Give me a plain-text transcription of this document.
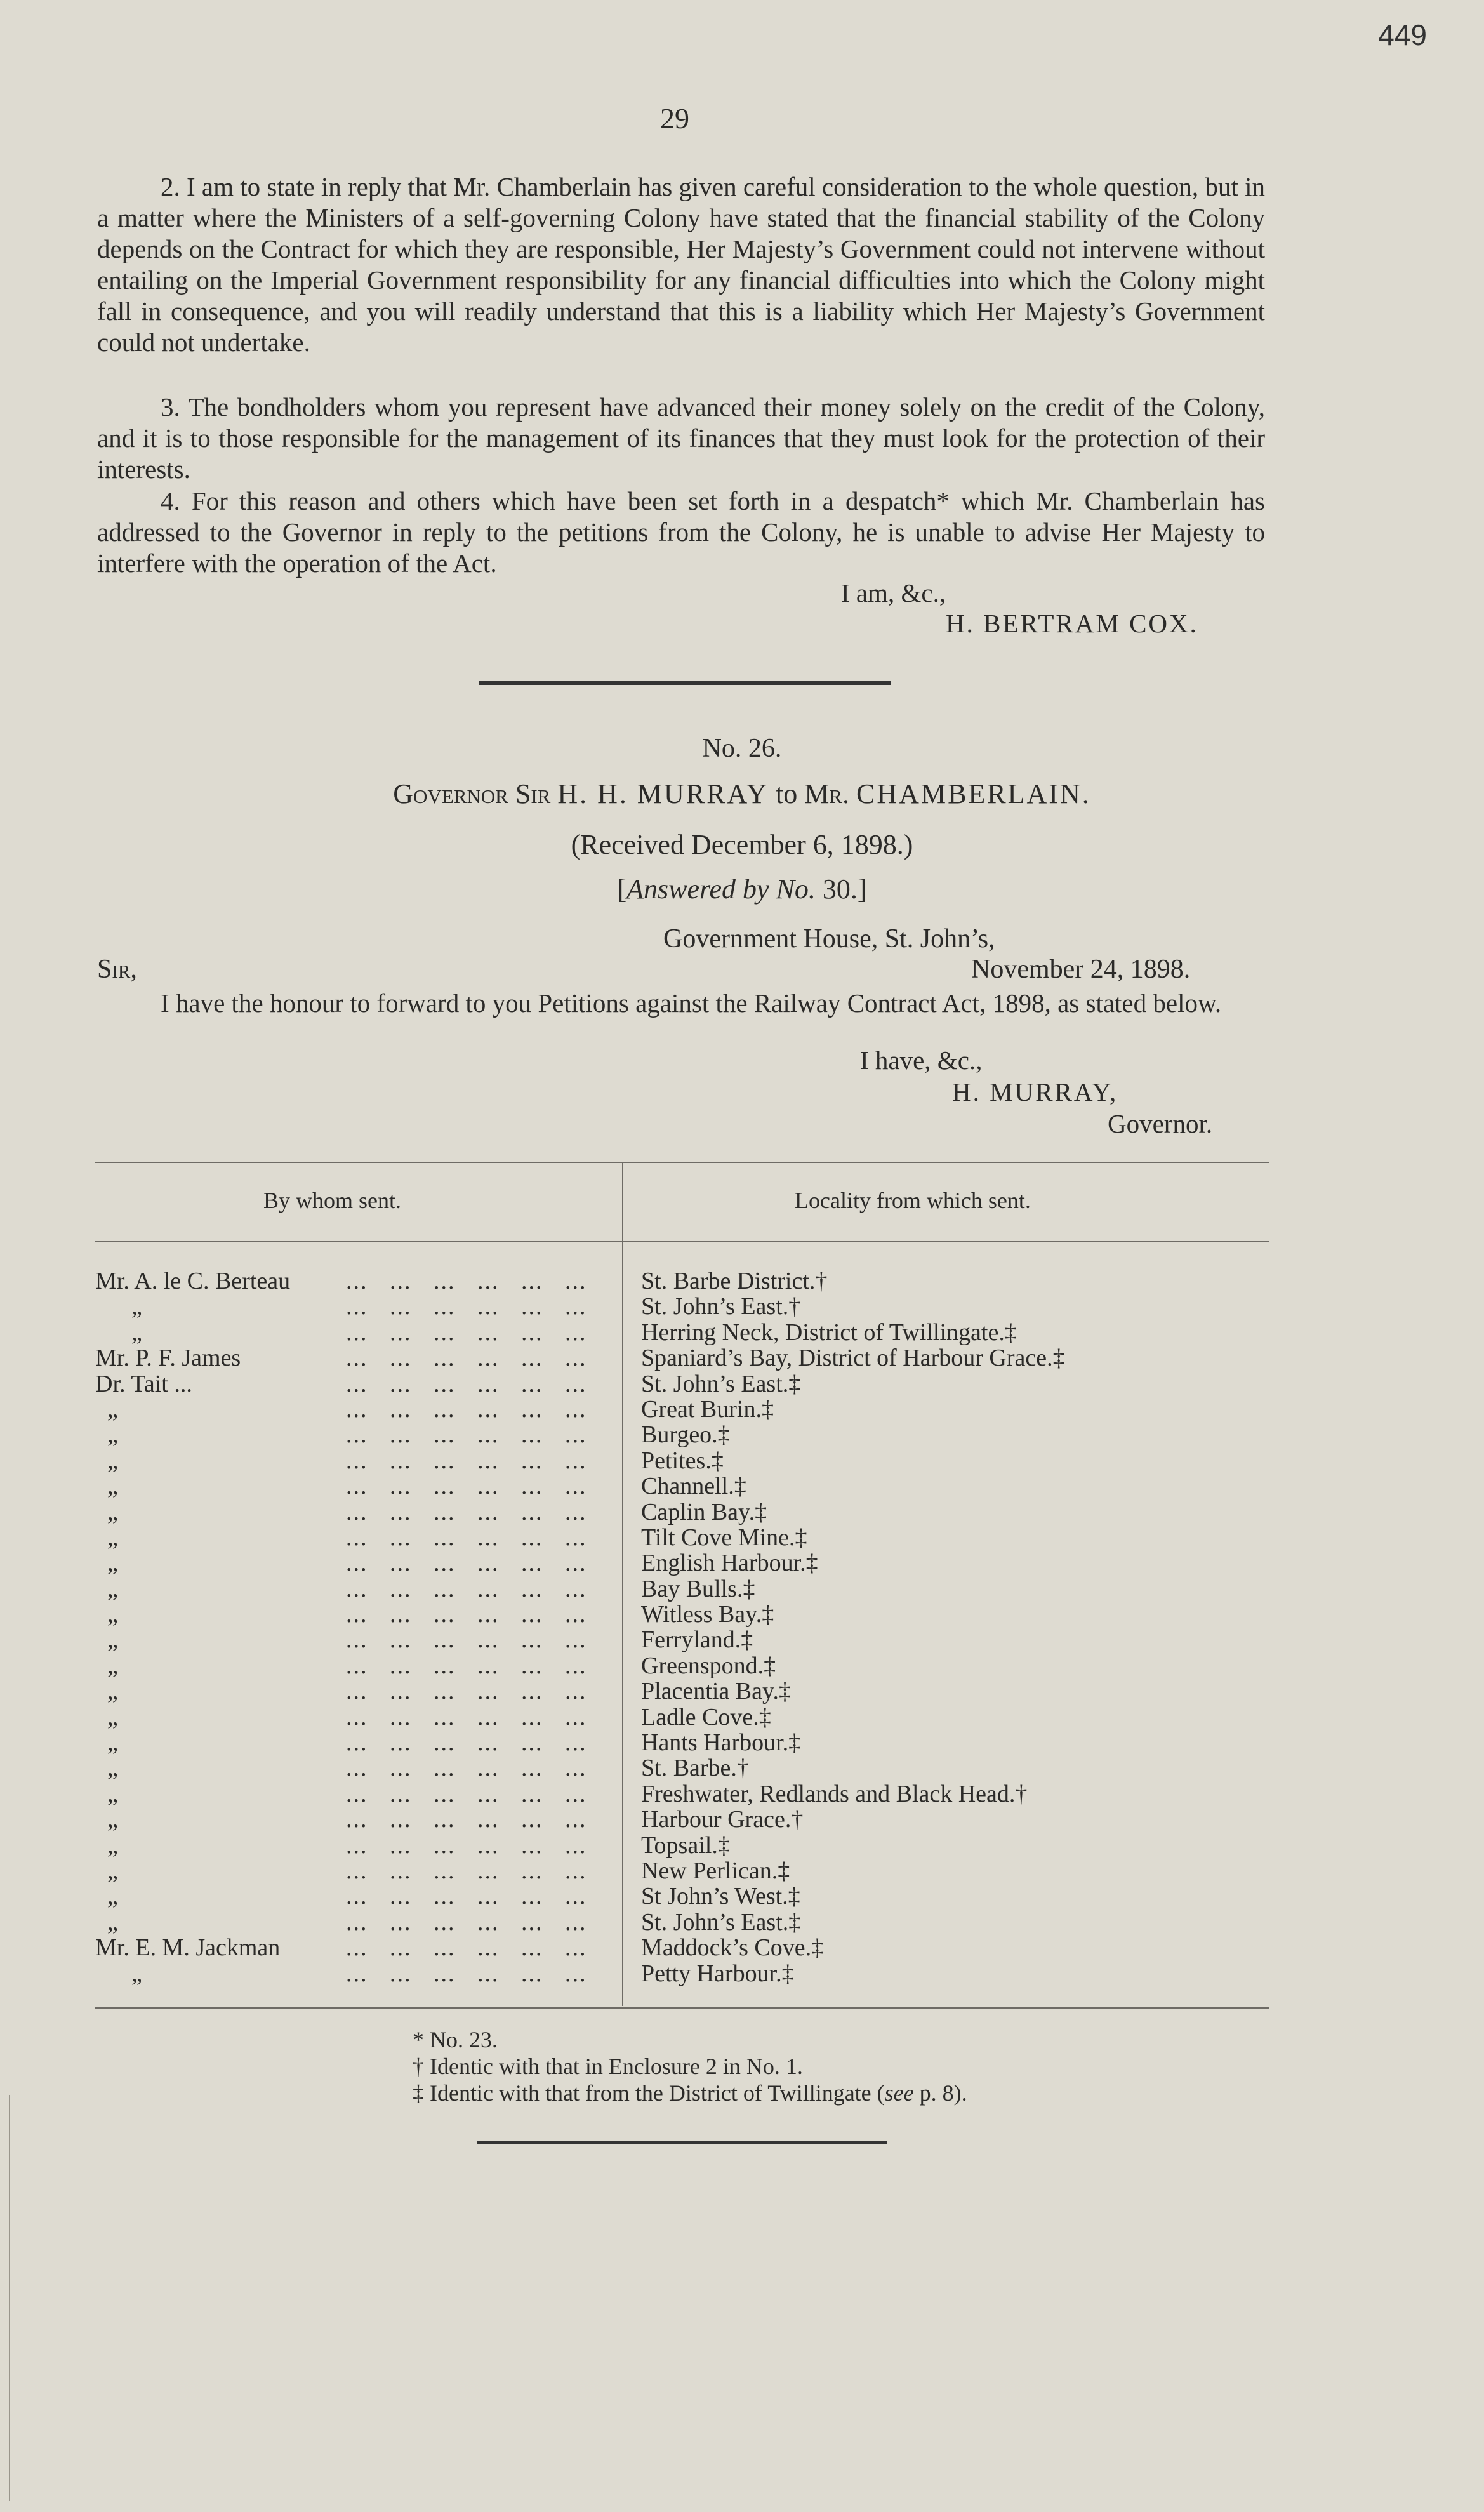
449
29
2. I am to state in reply that Mr. Chamberlain has given careful consideration to the whole question, but in a matter where the Ministers of a self-governing Colony have stated that the financial stability of the Colony depends on the Contract for which they are responsible, Her Majesty’s Government could not intervene without entailing on the Imperial Government responsibility for any financial difficulties into which the Colony might fall in consequence, and you will readily understand that this is a liability which Her Majesty’s Government could not undertake.
3. The bondholders whom you represent have advanced their money solely on the credit of the Colony, and it is to those responsible for the management of its finances that they must look for the protection of their interests.
4. For this reason and others which have been set forth in a despatch* which Mr. Chamberlain has addressed to the Governor in reply to the petitions from the Colony, he is unable to advise Her Majesty to interfere with the operation of the Act.
I am, &c.,
H. BERTRAM COX.
No. 26.
Governor Sir H. H. MURRAY to Mr. CHAMBERLAIN.
(Received December 6, 1898.)
[Answered by No. 30.]
Government House, St. John’s,
Sir,	November 24, 1898.
I have the honour to forward to you Petitions against the Railway Contract Act, 1898, as stated below.
I have, &c.,
H. MURRAY,
Governor.
By whom sent.	Locality from which sent.
Mr. A. le C. Berteau ...   ...   ...   ...   ...   ...	St. Barbe District.†
„	...   ...   ...   ...   ...   ...	St. John’s East.†
„	...   ...   ...   ...   ...   ...	Herring Neck, District of Twillingate.‡
Mr. P. F. James	...   ...   ...   ...   ...   ...	Spaniard’s Bay, District of Harbour Grace.‡
Dr. Tait ...	...   ...   ...   ...   ...   ...	St. John’s East.‡
„	...   ...   ...   ...   ...   ...	Great Burin.‡
„	...   ...   ...   ...   ...   ...	Burgeo.‡
„	...   ...   ...   ...   ...   ...	Petites.‡
„	...   ...   ...   ...   ...   ...	Channell.‡
„	...   ...   ...   ...   ...   ...	Caplin Bay.‡
„	...   ...   ...   ...   ...   ...	Tilt Cove Mine.‡
„	...   ...   ...   ...   ...   ...	English Harbour.‡
„	...   ...   ...   ...   ...   ...	Bay Bulls.‡
„	...   ...   ...   ...   ...   ...	Witless Bay.‡
„	...   ...   ...   ...   ...   ...	Ferryland.‡
„	...   ...   ...   ...   ...   ...	Greenspond.‡
„	...   ...   ...   ...   ...   ...	Placentia Bay.‡
„	...   ...   ...   ...   ...   ...	Ladle Cove.‡
„	...   ...   ...   ...   ...   ...	Hants Harbour.‡
„	...   ...   ...   ...   ...   ...	St. Barbe.†
„	...   ...   ...   ...   ...   ...	Freshwater, Redlands and Black Head.†
„	...   ...   ...   ...   ...   ...	Harbour Grace.†
„	...   ...   ...   ...   ...   ...	Topsail.‡
„	...   ...   ...   ...   ...   ...	New Perlican.‡
„	...   ...   ...   ...   ...   ...	St John’s West.‡
„	...   ...   ...   ...   ...   ...	St. John’s East.‡
Mr. E. M. Jackman	...   ...   ...   ...   ...   ...	Maddock’s Cove.‡
„	...   ...   ...   ...   ...   ...	Petty Harbour.‡
* No. 23.
† Identic with that in Enclosure 2 in No. 1.
‡ Identic with that from the District of Twillingate (see p. 8).
